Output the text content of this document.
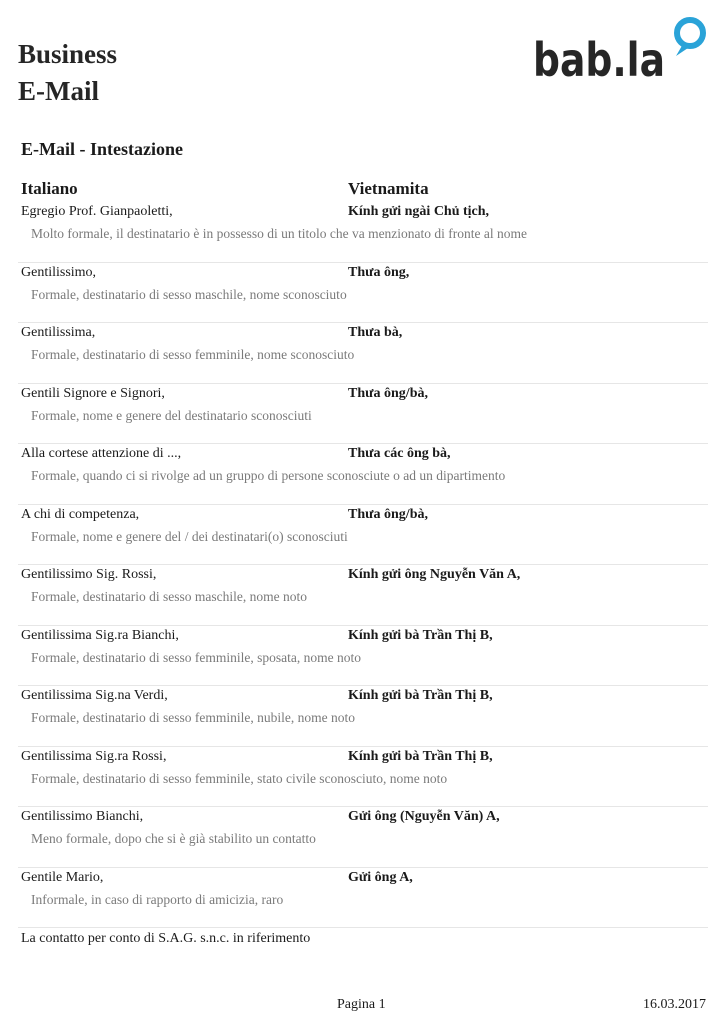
Business
E-Mail
bab.la
E-Mail - Intestazione
Italiano	Vietnamita
Egregio Prof. Gianpaoletti,	Kính gửi ngài Chủ tịch,
Molto formale, il destinatario è in possesso di un titolo che va menzionato di fronte al nome
Gentilissimo,	Thưa ông,
Formale, destinatario di sesso maschile, nome sconosciuto
Gentilissima,	Thưa bà,
Formale, destinatario di sesso femminile, nome sconosciuto
Gentili Signore e Signori,	Thưa ông/bà,
Formale, nome e genere del destinatario sconosciuti
Alla cortese attenzione di ...,	Thưa các ông bà,
Formale, quando ci si rivolge ad un gruppo di persone sconosciute o ad un dipartimento
A chi di competenza,	Thưa ông/bà,
Formale, nome e genere del / dei destinatari(o) sconosciuti
Gentilissimo Sig. Rossi,	Kính gửi ông Nguyễn Văn A,
Formale, destinatario di sesso maschile, nome noto
Gentilissima Sig.ra Bianchi,	Kính gửi bà Trần Thị B,
Formale, destinatario di sesso femminile, sposata, nome noto
Gentilissima Sig.na Verdi,	Kính gửi bà Trần Thị B,
Formale, destinatario di sesso femminile, nubile, nome noto
Gentilissima Sig.ra Rossi,	Kính gửi bà Trần Thị B,
Formale, destinatario di sesso femminile, stato civile sconosciuto, nome noto
Gentilissimo Bianchi,	Gửi ông (Nguyễn Văn) A,
Meno formale, dopo che si è già stabilito un contatto
Gentile Mario,	Gửi ông A,
Informale, in caso di rapporto di amicizia, raro
La contatto per conto di S.A.G. s.n.c. in riferimento
Pagina 1	16.03.2017
